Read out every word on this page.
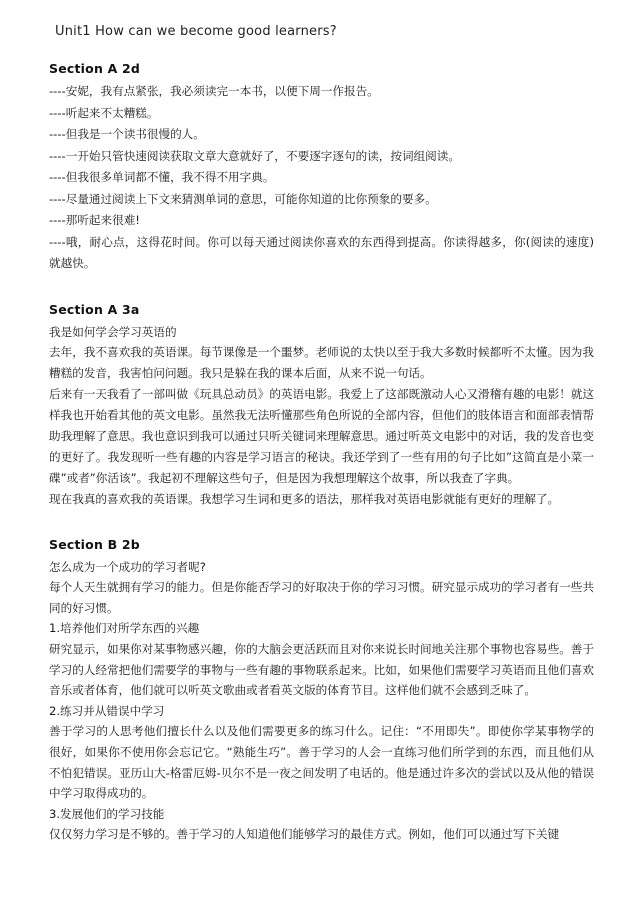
Unit1 How can we become good learners?
Section A 2d

----安妮，我有点紧张，我必须读完一本书，以便下周一作报告。

----听起来不太糟糕。

----但我是一个读书很慢的人。

----一开始只管快速阅读获取文章大意就好了，不要逐字逐句的读，按词组阅读。

----但我很多单词都不懂，我不得不用字典。

----尽量通过阅读上下文来猜测单词的意思，可能你知道的比你预象的要多。

----那听起来很难!

----哦，耐心点，这得花时间。你可以每天通过阅读你喜欢的东西得到提高。你读得越多，你(阅读的速度)就越快。

Section A 3a

我是如何学会学习英语的

去年，我不喜欢我的英语课。每节课像是一个噩梦。老师说的太快以至于我大多数时候都听不太懂。因为我糟糕的发音，我害怕问问题。我只是躲在我的课本后面，从来不说一句话。

后来有一天我看了一部叫做《玩具总动员》的英语电影。我爱上了这部既激动人心又滑稽有趣的电影！就这样我也开始看其他的英文电影。虽然我无法听懂那些角色所说的全部内容，但他们的肢体语言和面部表情帮助我理解了意思。我也意识到我可以通过只听关键词来理解意思。通过听英文电影中的对话，我的发音也变的更好了。我发现听一些有趣的内容是学习语言的秘诀。我还学到了一些有用的句子比如”这简直是小菜一碟”或者”你活该”。我起初不理解这些句子，但是因为我想理解这个故事，所以我查了字典。

现在我真的喜欢我的英语课。我想学习生词和更多的语法，那样我对英语电影就能有更好的理解了。

Section B 2b

怎么成为一个成功的学习者呢?

每个人天生就拥有学习的能力。但是你能否学习的好取决于你的学习习惯。研究显示成功的学习者有一些共同的好习惯。

1.培养他们对所学东西的兴趣

研究显示，如果你对某事物感兴趣，你的大脑会更活跃而且对你来说长时间地关注那个事物也容易些。善于学习的人经常把他们需要学的事物与一些有趣的事物联系起来。比如，如果他们需要学习英语而且他们喜欢音乐或者体育，他们就可以听英文歌曲或者看英文版的体育节目。这样他们就不会感到乏味了。

2.练习并从错误中学习

善于学习的人思考他们擅长什么以及他们需要更多的练习什么。记住：“不用即失”。即使你学某事物学的很好，如果你不使用你会忘记它。“熟能生巧”。善于学习的人会一直练习他们所学到的东西，而且他们从不怕犯错误。亚历山大-格雷厄姆-贝尔不是一夜之间发明了电话的。他是通过许多次的尝试以及从他的错误中学习取得成功的。

3.发展他们的学习技能

仅仅努力学习是不够的。善于学习的人知道他们能够学习的最佳方式。例如，他们可以通过写下关键
